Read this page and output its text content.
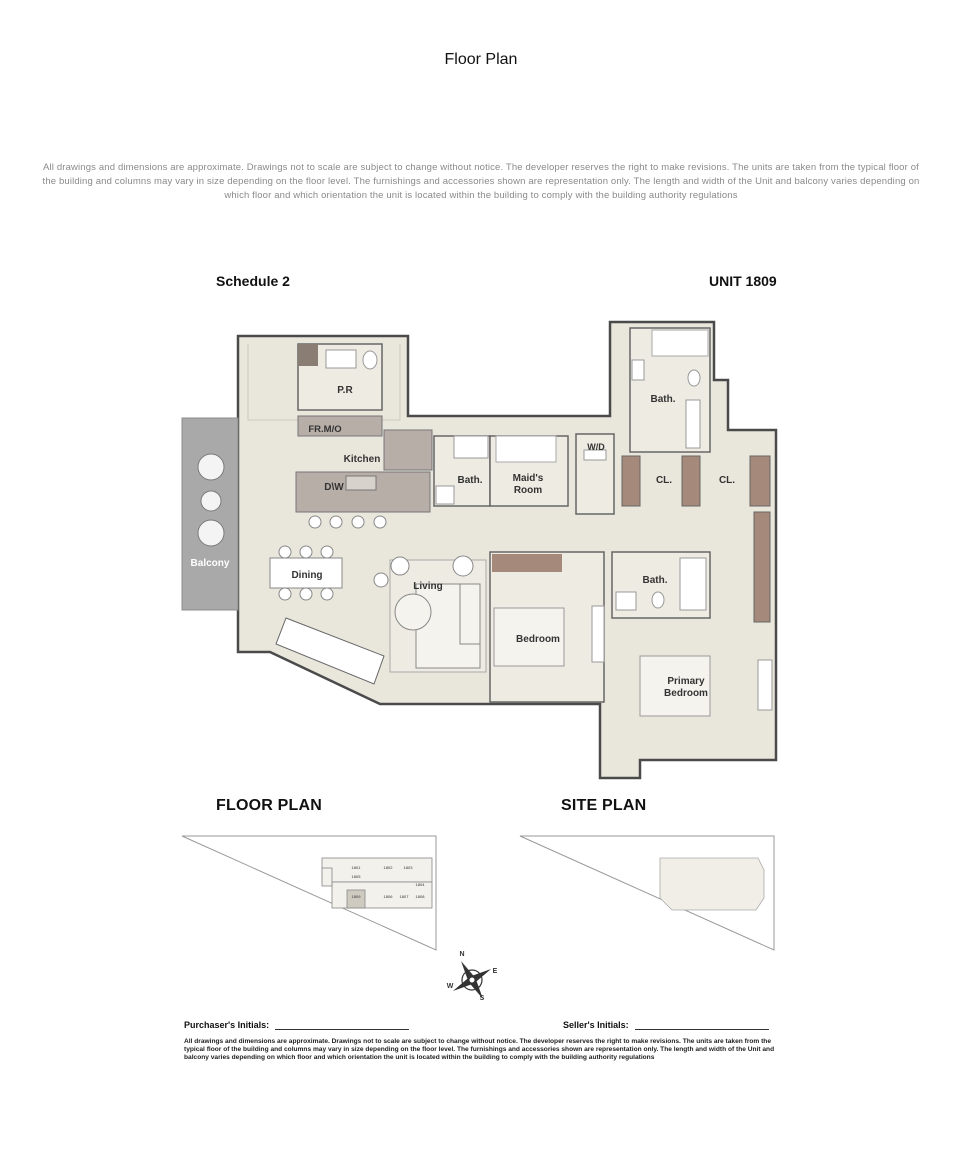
Floor Plan
All drawings and dimensions are approximate. Drawings not to scale are subject to change without notice. The developer reserves the right to make revisions. The units are taken from the typical floor of the building and columns may vary in size depending on the floor level. The furnishings and accessories shown are representation only. The length and width of the Unit and balcony varies depending on which floor and which orientation the unit is located within the building to comply with the building authority regulations
Schedule 2	UNIT 1809
P.R
FR.M/O
Kitchen
D\W
W/D
Bath.	Maid's
Room
Bath.
CL.	CL.
Balcony
Dining
Living
Bath.
Bedroom
Primary
Bedroom
FLOOR PLAN	SITE PLAN
1801	1802	1803
1804
1805
1806 1807 1808
1809
N
E
S
W
Purchaser's Initials:	Seller's Initials:
All drawings and dimensions are approximate. Drawings not to scale are subject to change without notice. The developer reserves the right to make revisions. The units are taken from the typical floor of the building and columns may vary in size depending on the floor level. The furnishings and accessories shown are representation only. The length and width of the Unit and balcony varies depending on which floor and which orientation the unit is located within the building to comply with the building authority regulations
